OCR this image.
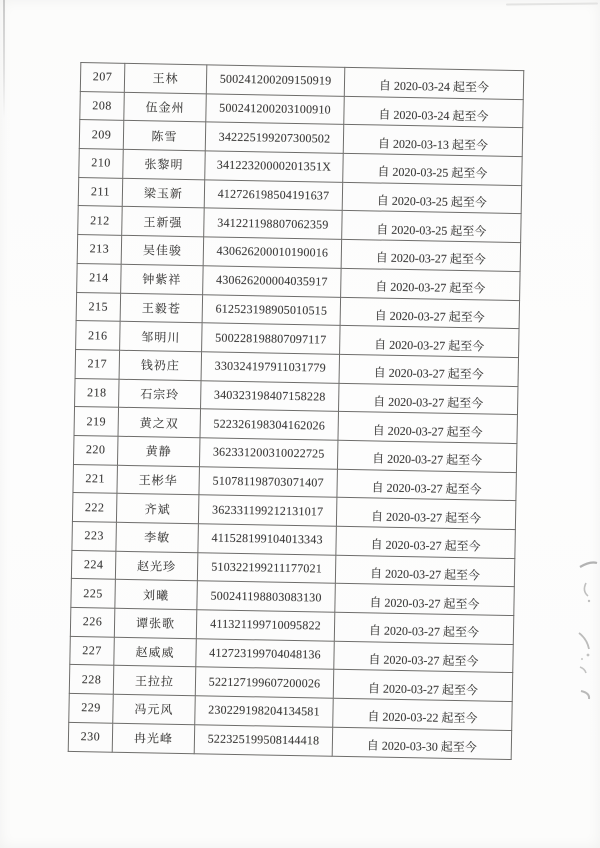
207	王林	500241200209150919	自 2020-03-24 起至今
208	伍金州	500241200203100910	自 2020-03-24 起至今
209	陈雪	342225199207300502	自 2020-03-13 起至今
210	张黎明	34122320000201351X	自 2020-03-25 起至今
211	梁玉新	412726198504191637	自 2020-03-25 起至今
212	王新强	341221198807062359	自 2020-03-25 起至今
213	吴佳骏	430626200010190016	自 2020-03-27 起至今
214	钟紫祥	430626200004035917	自 2020-03-27 起至今
215	王毅苍	612523198905010515	自 2020-03-27 起至今
216	邹明川	500228198807097117	自 2020-03-27 起至今
217	钱礽庄	330324197911031779	自 2020-03-27 起至今
218	石宗玲	340323198407158228	自 2020-03-27 起至今
219	黄之双	522326198304162026	自 2020-03-27 起至今
220	黄静	362331200310022725	自 2020-03-27 起至今
221	王彬华	510781198703071407	自 2020-03-27 起至今
222	齐斌	362331199212131017	自 2020-03-27 起至今
223	李敏	411528199104013343	自 2020-03-27 起至今
224	赵光珍	510322199211177021	自 2020-03-27 起至今
225	刘曦	500241198803083130	自 2020-03-27 起至今
226	谭张歌	411321199710095822	自 2020-03-27 起至今
227	赵威威	412723199704048136	自 2020-03-27 起至今
228	王拉拉	522127199607200026	自 2020-03-27 起至今
229	冯元风	230229198204134581	自 2020-03-22 起至今
230	冉光峰	522325199508144418	自 2020-03-30 起至今
